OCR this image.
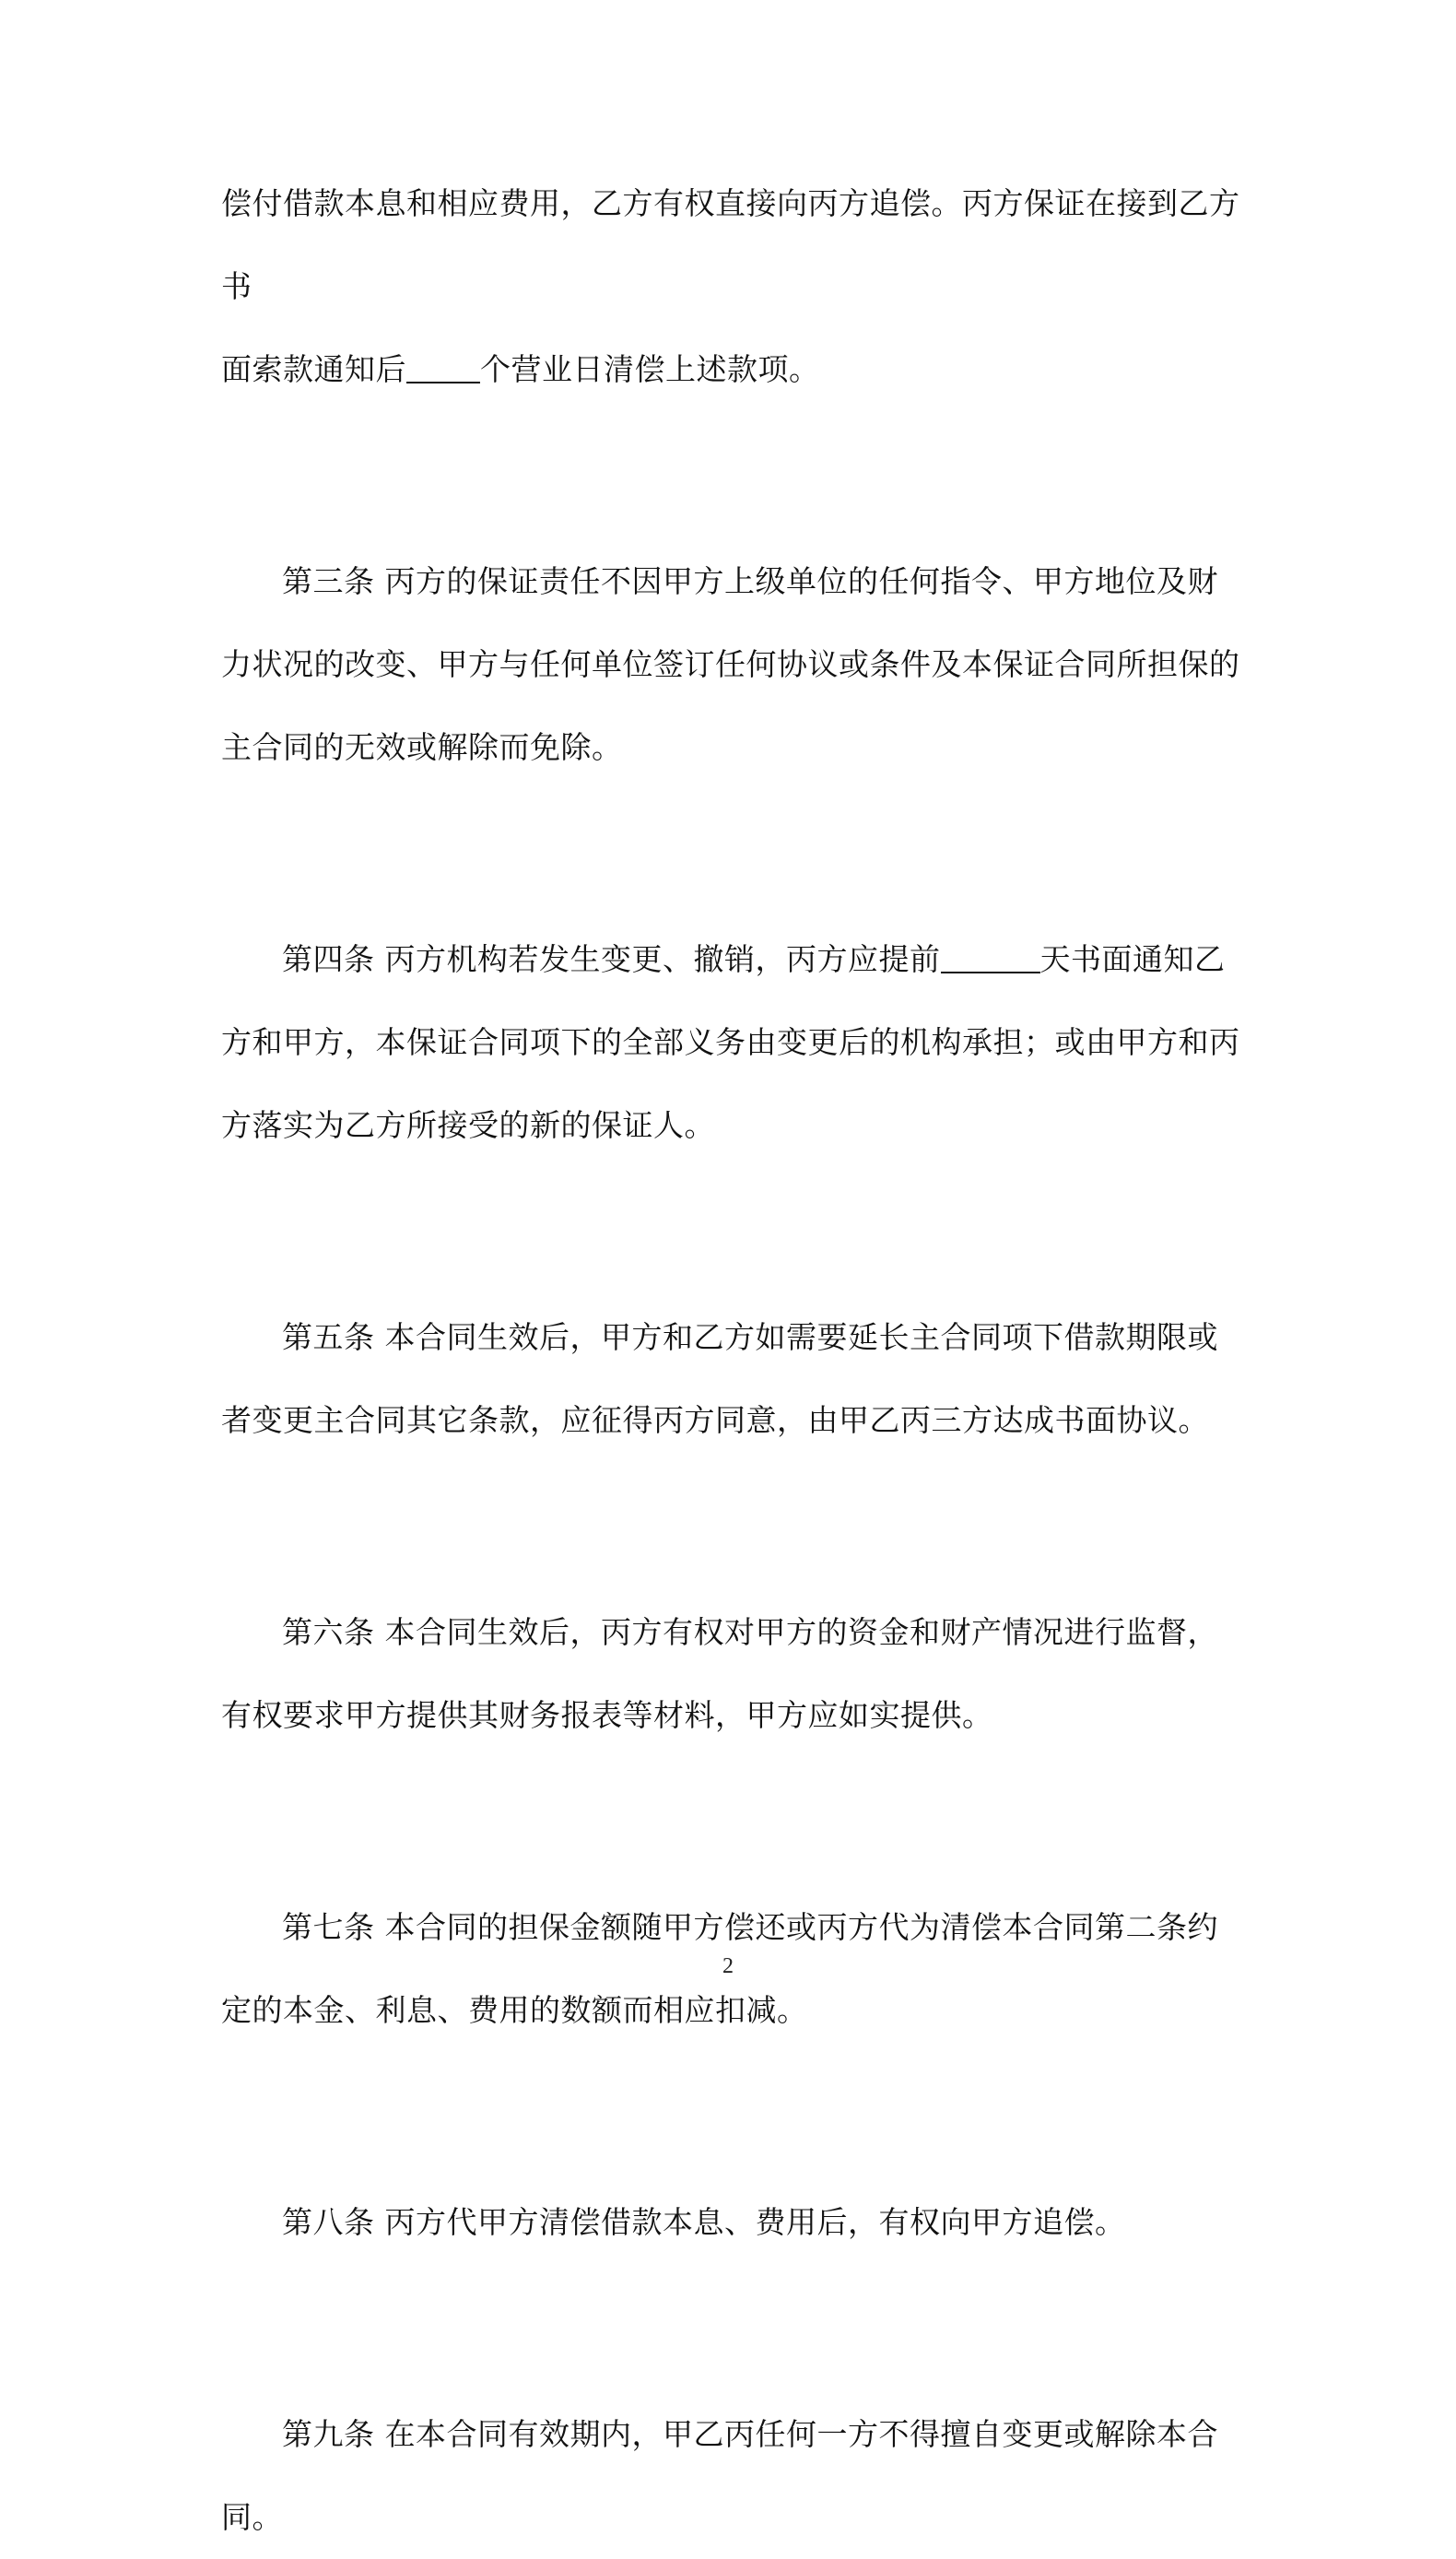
偿付借款本息和相应费用，乙方有权直接向丙方追偿。丙方保证在接到乙方书
面索款通知后 个营业日清偿上述款项。

第三条 丙方的保证责任不因甲方上级单位的任何指令、甲方地位及财力状况的改变、甲方与任何单位签订任何协议或条件及本保证合同所担保的主合同的无效或解除而免除。

第四条 丙方机构若发生变更、撤销，丙方应提前	天书面通知乙方和甲方，本保证合同项下的全部义务由变更后的机构承担；或由甲方和丙方落实为乙方所接受的新的保证人。

第五条 本合同生效后，甲方和乙方如需要延长主合同项下借款期限或者变更主合同其它条款，应征得丙方同意，由甲乙丙三方达成书面协议。

第六条 本合同生效后，丙方有权对甲方的资金和财产情况进行监督，有权要求甲方提供其财务报表等材料，甲方应如实提供。

第七条 本合同的担保金额随甲方偿还或丙方代为清偿本合同第二条约定的本金、利息、费用的数额而相应扣减。

第八条 丙方代甲方清偿借款本息、费用后，有权向甲方追偿。

第九条 在本合同有效期内，甲乙丙任何一方不得擅自变更或解除本合同。

2
